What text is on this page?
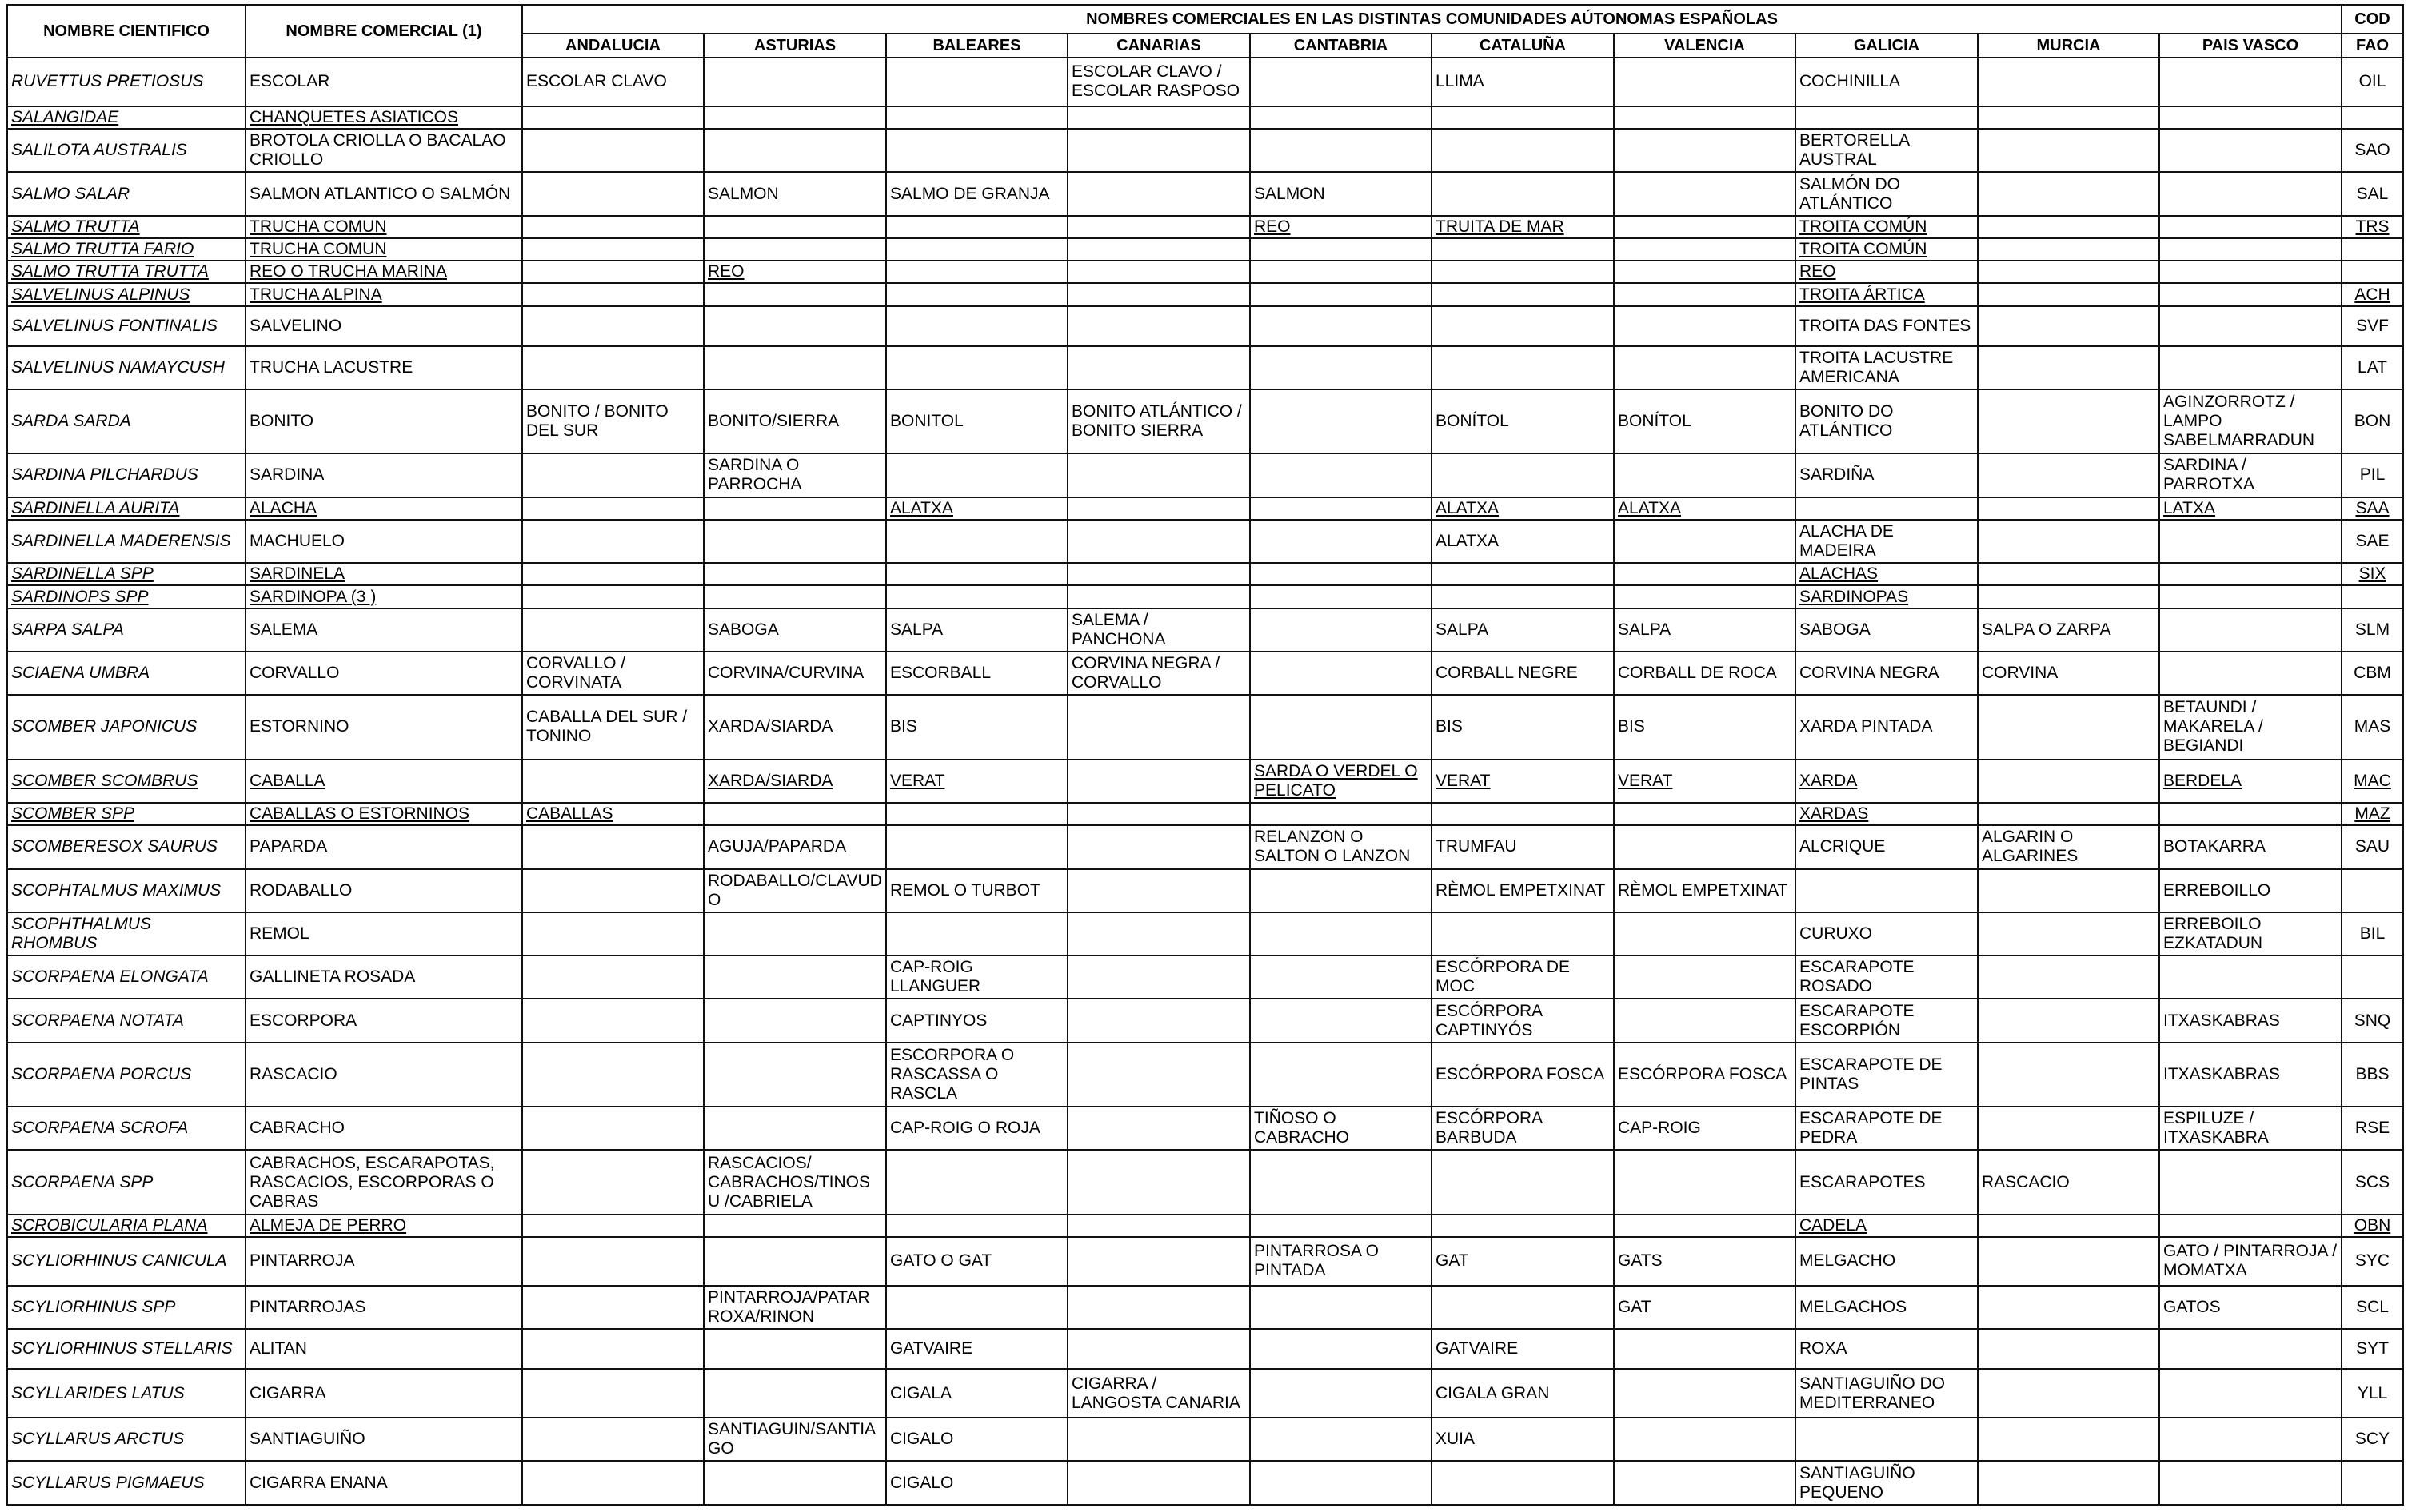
NOMBRE CIENTIFICO	NOMBRE COMERCIAL (1)	NOMBRES COMERCIALES EN LAS DISTINTAS COMUNIDADES AÚTONOMAS ESPAÑOLAS										COD
		ANDALUCIA	ASTURIAS	BALEARES	CANARIAS	CANTABRIA	CATALUÑA	VALENCIA	GALICIA	MURCIA	PAIS VASCO	FAO
RUVETTUS PRETIOSUS	ESCOLAR	ESCOLAR CLAVO			ESCOLAR CLAVO / ESCOLAR RASPOSO		LLIMA		COCHINILLA			OIL
SALANGIDAE	CHANQUETES ASIATICOS											
SALILOTA AUSTRALIS	BROTOLA CRIOLLA O BACALAO CRIOLLO								BERTORELLA AUSTRAL			SAO
SALMO SALAR	SALMON ATLANTICO O SALMÓN		SALMON	SALMO DE GRANJA		SALMON			SALMÓN DO ATLÁNTICO			SAL
SALMO TRUTTA	TRUCHA COMUN					REO	TRUITA DE MAR		TROITA COMÚN			TRS
SALMO TRUTTA FARIO	TRUCHA COMUN								TROITA COMÚN			
SALMO TRUTTA TRUTTA	REO O TRUCHA MARINA		REO						REO			
SALVELINUS ALPINUS	TRUCHA ALPINA								TROITA ÁRTICA			ACH
SALVELINUS FONTINALIS	SALVELINO								TROITA DAS FONTES			SVF
SALVELINUS NAMAYCUSH	TRUCHA LACUSTRE								TROITA LACUSTRE AMERICANA			LAT
SARDA SARDA	BONITO	BONITO / BONITO DEL SUR	BONITO/SIERRA	BONITOL	BONITO ATLÁNTICO / BONITO SIERRA		BONÍTOL	BONÍTOL	BONITO DO ATLÁNTICO		AGINZORROTZ / LAMPO SABELMARRADUN	BON
SARDINA PILCHARDUS	SARDINA		SARDINA O PARROCHA						SARDIÑA		SARDINA / PARROTXA	PIL
SARDINELLA AURITA	ALACHA			ALATXA			ALATXA	ALATXA			LATXA	SAA
SARDINELLA MADERENSIS	MACHUELO						ALATXA		ALACHA DE MADEIRA			SAE
SARDINELLA SPP	SARDINELA								ALACHAS			SIX
SARDINOPS SPP	SARDINOPA (3 )								SARDINOPAS			
SARPA SALPA	SALEMA		SABOGA	SALPA	SALEMA / PANCHONA		SALPA	SALPA	SABOGA	SALPA O ZARPA		SLM
SCIAENA UMBRA	CORVALLO	CORVALLO / CORVINATA	CORVINA/CURVINA	ESCORBALL	CORVINA NEGRA / CORVALLO		CORBALL NEGRE	CORBALL DE ROCA	CORVINA NEGRA	CORVINA		CBM
SCOMBER JAPONICUS	ESTORNINO	CABALLA DEL SUR / TONINO	XARDA/SIARDA	BIS			BIS	BIS	XARDA PINTADA		BETAUNDI / MAKARELA / BEGIANDI	MAS
SCOMBER SCOMBRUS	CABALLA		XARDA/SIARDA	VERAT		SARDA O VERDEL O PELICATO	VERAT	VERAT	XARDA		BERDELA	MAC
SCOMBER SPP	CABALLAS O ESTORNINOS	CABALLAS							XARDAS			MAZ
SCOMBERESOX SAURUS	PAPARDA		AGUJA/PAPARDA			RELANZON O SALTON O LANZON	TRUMFAU		ALCRIQUE	ALGARIN O ALGARINES	BOTAKARRA	SAU
SCOPHTALMUS MAXIMUS	RODABALLO		RODABALLO/CLAVUDO	REMOL O TURBOT			RÈMOL EMPETXINAT	RÈMOL EMPETXINAT			ERREBOILLO	
SCOPHTHALMUS RHOMBUS	REMOL								CURUXO		ERREBOILO EZKATADUN	BIL
SCORPAENA ELONGATA	GALLINETA ROSADA			CAP-ROIG LLANGUER			ESCÓRPORA DE MOC		ESCARAPOTE ROSADO			
SCORPAENA NOTATA	ESCORPORA			CAPTINYOS			ESCÓRPORA CAPTINYÓS		ESCARAPOTE ESCORPIÓN		ITXASKABRAS	SNQ
SCORPAENA PORCUS	RASCACIO			ESCORPORA O RASCASSA O RASCLA			ESCÓRPORA FOSCA	ESCÓRPORA FOSCA	ESCARAPOTE DE PINTAS		ITXASKABRAS	BBS
SCORPAENA SCROFA	CABRACHO			CAP-ROIG O ROJA		TIÑOSO O CABRACHO	ESCÓRPORA BARBUDA	CAP-ROIG	ESCARAPOTE DE PEDRA		ESPILUZE / ITXASKABRA	RSE
SCORPAENA SPP	CABRACHOS, ESCARAPOTAS, RASCACIOS, ESCORPORAS O CABRAS		RASCACIOS/ CABRACHOS/TINOSU /CABRIELA						ESCARAPOTES	RASCACIO		SCS
SCROBICULARIA PLANA	ALMEJA DE PERRO								CADELA			OBN
SCYLIORHINUS CANICULA	PINTARROJA			GATO O GAT		PINTARROSA O PINTADA	GAT	GATS	MELGACHO		GATO / PINTARROJA / MOMATXA	SYC
SCYLIORHINUS SPP	PINTARROJAS		PINTARROJA/PATAR ROXA/RINON					GAT	MELGACHOS		GATOS	SCL
SCYLIORHINUS STELLARIS	ALITAN			GATVAIRE			GATVAIRE		ROXA			SYT
SCYLLARIDES LATUS	CIGARRA			CIGALA	CIGARRA / LANGOSTA CANARIA		CIGALA GRAN		SANTIAGUIÑO DO MEDITERRANEO			YLL
SCYLLARUS ARCTUS	SANTIAGUIÑO		SANTIAGUIN/SANTIAGO	CIGALO			XUIA					SCY
SCYLLARUS PIGMAEUS	CIGARRA ENANA			CIGALO					SANTIAGUIÑO PEQUENO			
